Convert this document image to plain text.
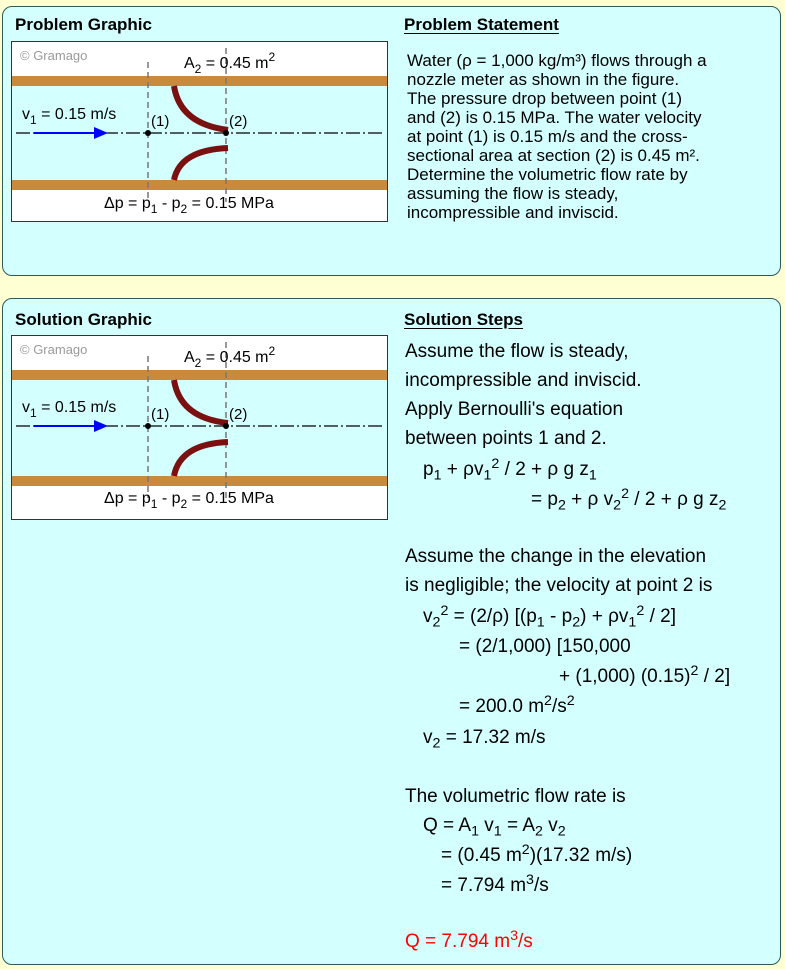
Problem Graphic	Problem Statement
© Gramago	$A_2 = 0.45$ $m^2$
$v_1 = 0.15$ m/s (1)	(2)
$\Delta p = p_1 - p_2 = 0.15$ MPa
Water (ρ = 1,000 kg/m³) flows through a
nozzle meter as shown in the figure.
The pressure drop between point (1)
and (2) is 0.15 MPa. The water velocity
at point (1) is 0.15 m/s and the cross-
sectional area at section (2) is 0.45 m².
Determine the volumetric flow rate by
assuming the flow is steady,
incompressible and inviscid.
Solution Graphic	Solution Steps
© Gramago	$A_2 = 0.45$ $m^2$
$v_1 = 0.15$ m/s (1)	(2)
$\Delta p = p_1 - p_2 = 0.15$ MPa
Assume the flow is steady,
incompressible and inviscid.
Apply Bernoulli's equation
between points 1 and 2.
$p_1 + \rho v_1^2 / 2 + \rho$ g $z_1$
= $p_2 + \rho$ $v_2^2 / 2 + \rho$ g $z_2$
Assume the change in the elevation
is negligible; the velocity at point 2 is
$v_2^2 = (2/\rho)$ $[(p_1 - p_2) + \rho v_1^2 / 2]$
= (2/1,000) [150,000
+ (1,000) $(0.15)^2 / 2$]
= 200.0 $m^2/s^2$
$v_2 = 17.32$ m/s
The volumetric flow rate is
$Q = A_1$ $v_1 = A_2$ $v_2$
= (0.45 $m^2)(17.32$ m/s)
= 7.794 $m^3/s$
Q = 7.794 $m^3/s$
